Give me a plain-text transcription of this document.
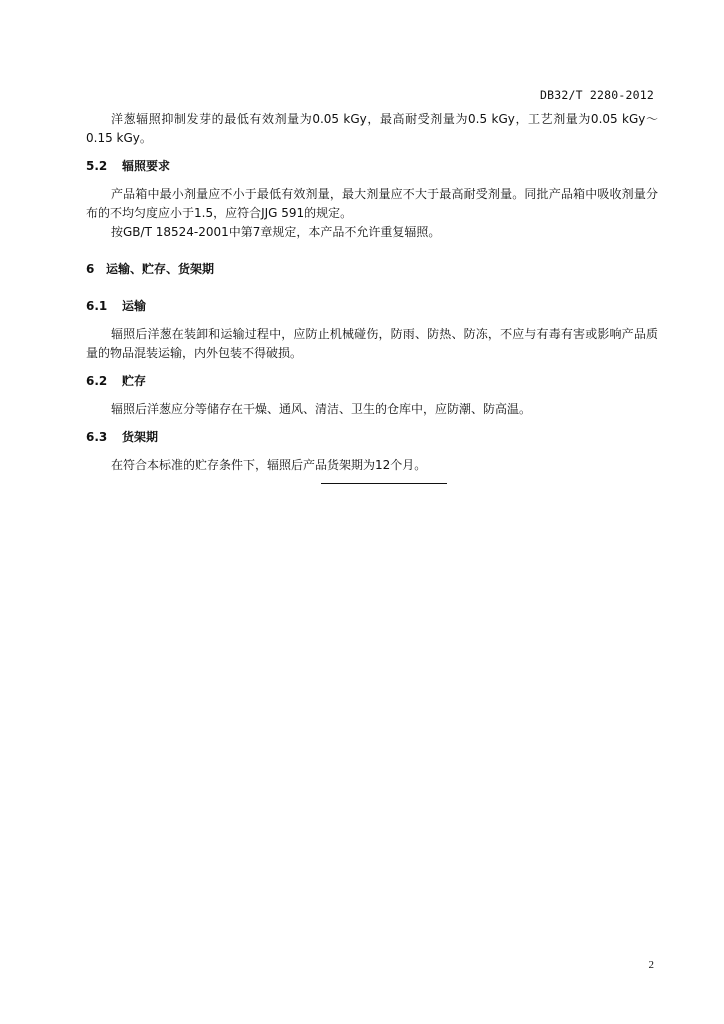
DB32/T 2280-2012

洋葱辐照抑制发芽的最低有效剂量为0.05 kGy，最高耐受剂量为0.5 kGy，工艺剂量为0.05 kGy～0.15 kGy。

5.2 辐照要求

产品箱中最小剂量应不小于最低有效剂量，最大剂量应不大于最高耐受剂量。同批产品箱中吸收剂量分布的不均匀度应小于1.5，应符合JJG 591的规定。

按GB/T 18524-2001中第7章规定，本产品不允许重复辐照。

6 运输、贮存、货架期
6.1 运输

辐照后洋葱在装卸和运输过程中，应防止机械碰伤，防雨、防热、防冻，不应与有毒有害或影响产品质量的物品混装运输，内外包装不得破损。

6.2 贮存

辐照后洋葱应分等储存在干燥、通风、清洁、卫生的仓库中，应防潮、防高温。

6.3 货架期

在符合本标准的贮存条件下，辐照后产品货架期为12个月。

2
